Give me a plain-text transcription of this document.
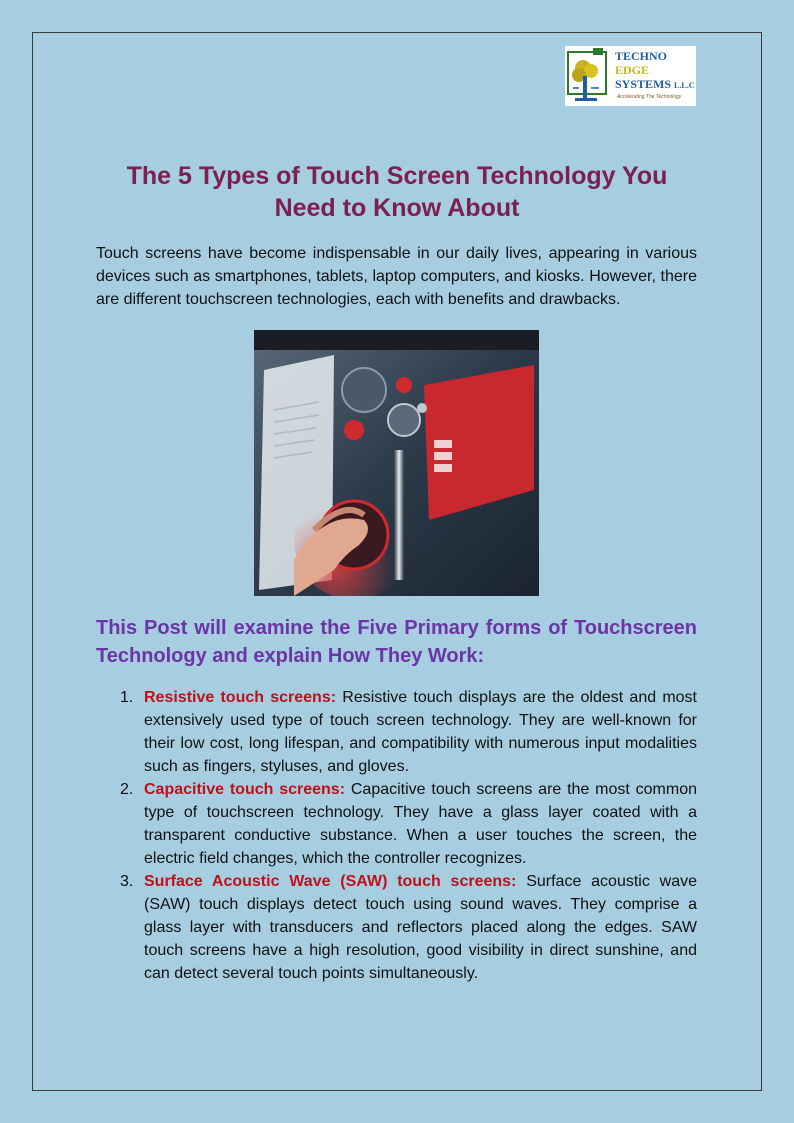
TECHNO
EDGE
SYSTEMS L.L.C
Accelerating The Technology
The 5 Types of Touch Screen Technology You Need to Know About

Touch screens have become indispensable in our daily lives, appearing in various devices such as smartphones, tablets, laptop computers, and kiosks. However, there are different touchscreen technologies, each with benefits and drawbacks.

This Post will examine the Five Primary forms of Touchscreen Technology and explain How They Work:
1. Resistive touch screens: Resistive touch displays are the oldest and most extensively used type of touch screen technology. They are well-known for their low cost, long lifespan, and compatibility with numerous input modalities such as fingers, styluses, and gloves.
2. Capacitive touch screens: Capacitive touch screens are the most common type of touchscreen technology. They have a glass layer coated with a transparent conductive substance. When a user touches the screen, the electric field changes, which the controller recognizes.
3. Surface Acoustic Wave (SAW) touch screens: Surface acoustic wave (SAW) touch displays detect touch using sound waves. They comprise a glass layer with transducers and reflectors placed along the edges. SAW touch screens have a high resolution, good visibility in direct sunshine, and can detect several touch points simultaneously.
